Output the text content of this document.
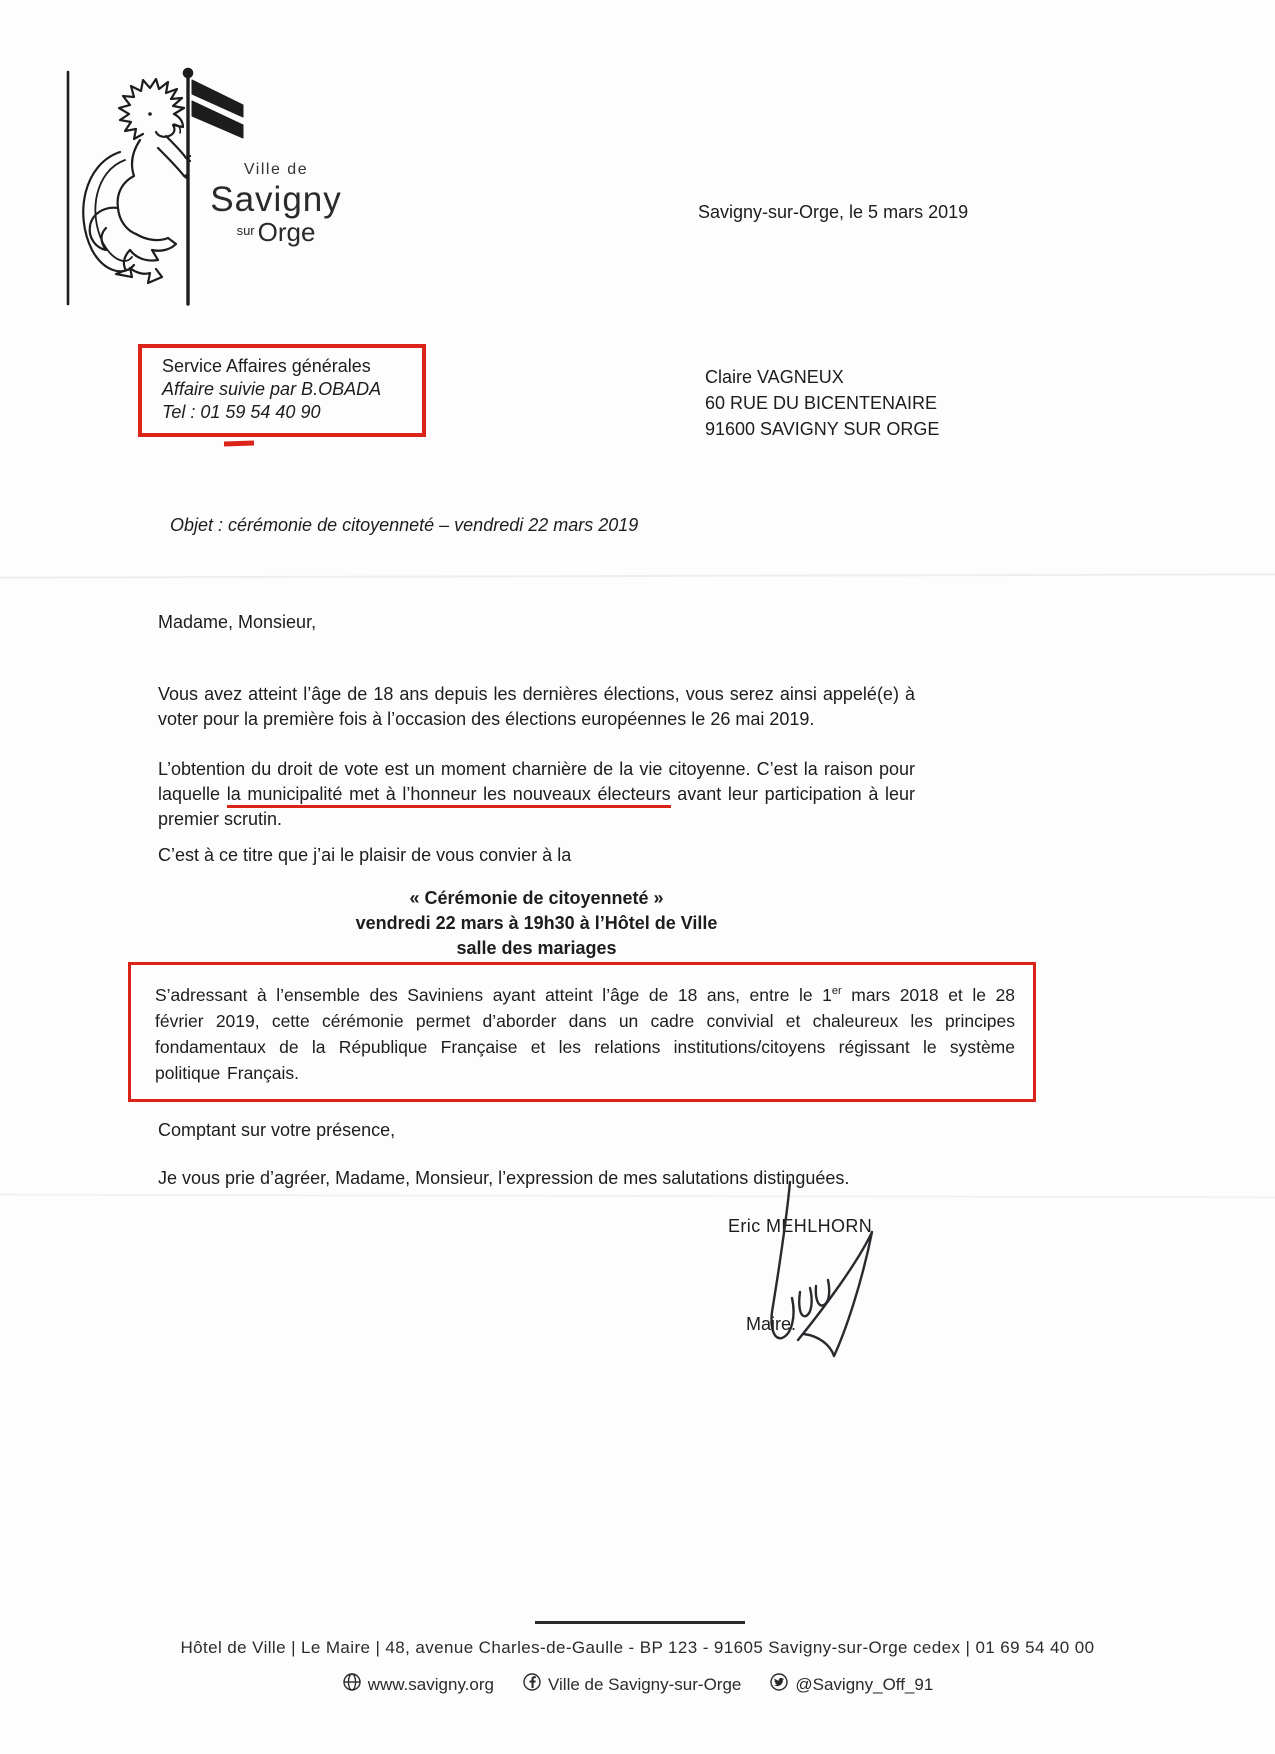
Ville de
Savigny
$^{sur}$ Orge
Savigny-sur-Orge, le 5 mars 2019
Service Affaires générales
Affaire suivie par B.OBADA
Tel : 01 59 54 40 90
Claire VAGNEUX
60 RUE DU BICENTENAIRE
91600 SAVIGNY SUR ORGE
Objet : cérémonie de citoyenneté – vendredi 22 mars 2019
Madame, Monsieur,
Vous avez atteint l’âge de 18 ans depuis les dernières élections, vous serez ainsi appelé(e) à voter pour la première fois à l’occasion des élections européennes le 26 mai 2019.
L’obtention du droit de vote est un moment charnière de la vie citoyenne. C’est la raison pour laquelle la municipalité met à l’honneur les nouveaux électeurs avant leur participation à leur premier scrutin.
C’est à ce titre que j’ai le plaisir de vous convier à la
« Cérémonie de citoyenneté »
vendredi 22 mars à 19h30 à l’Hôtel de Ville
salle des mariages
S’adressant à l’ensemble des Saviniens ayant atteint l’âge de 18 ans, entre le 1er mars 2018 et le 28 février 2019, cette cérémonie permet d’aborder dans un cadre convivial et chaleureux les principes fondamentaux de la République Française et les relations institutions/citoyens régissant le système politique Français.
Comptant sur votre présence,
Je vous prie d’agréer, Madame, Monsieur, l’expression de mes salutations distinguées.
Eric MEHLHORN
Maire.
Hôtel de Ville | Le Maire | 48, avenue Charles-de-Gaulle - BP 123 - 91605 Savigny-sur-Orge cedex | 01 69 54 40 00
www.savigny.org	Ville de Savigny-sur-Orge	@Savigny_Off_91
